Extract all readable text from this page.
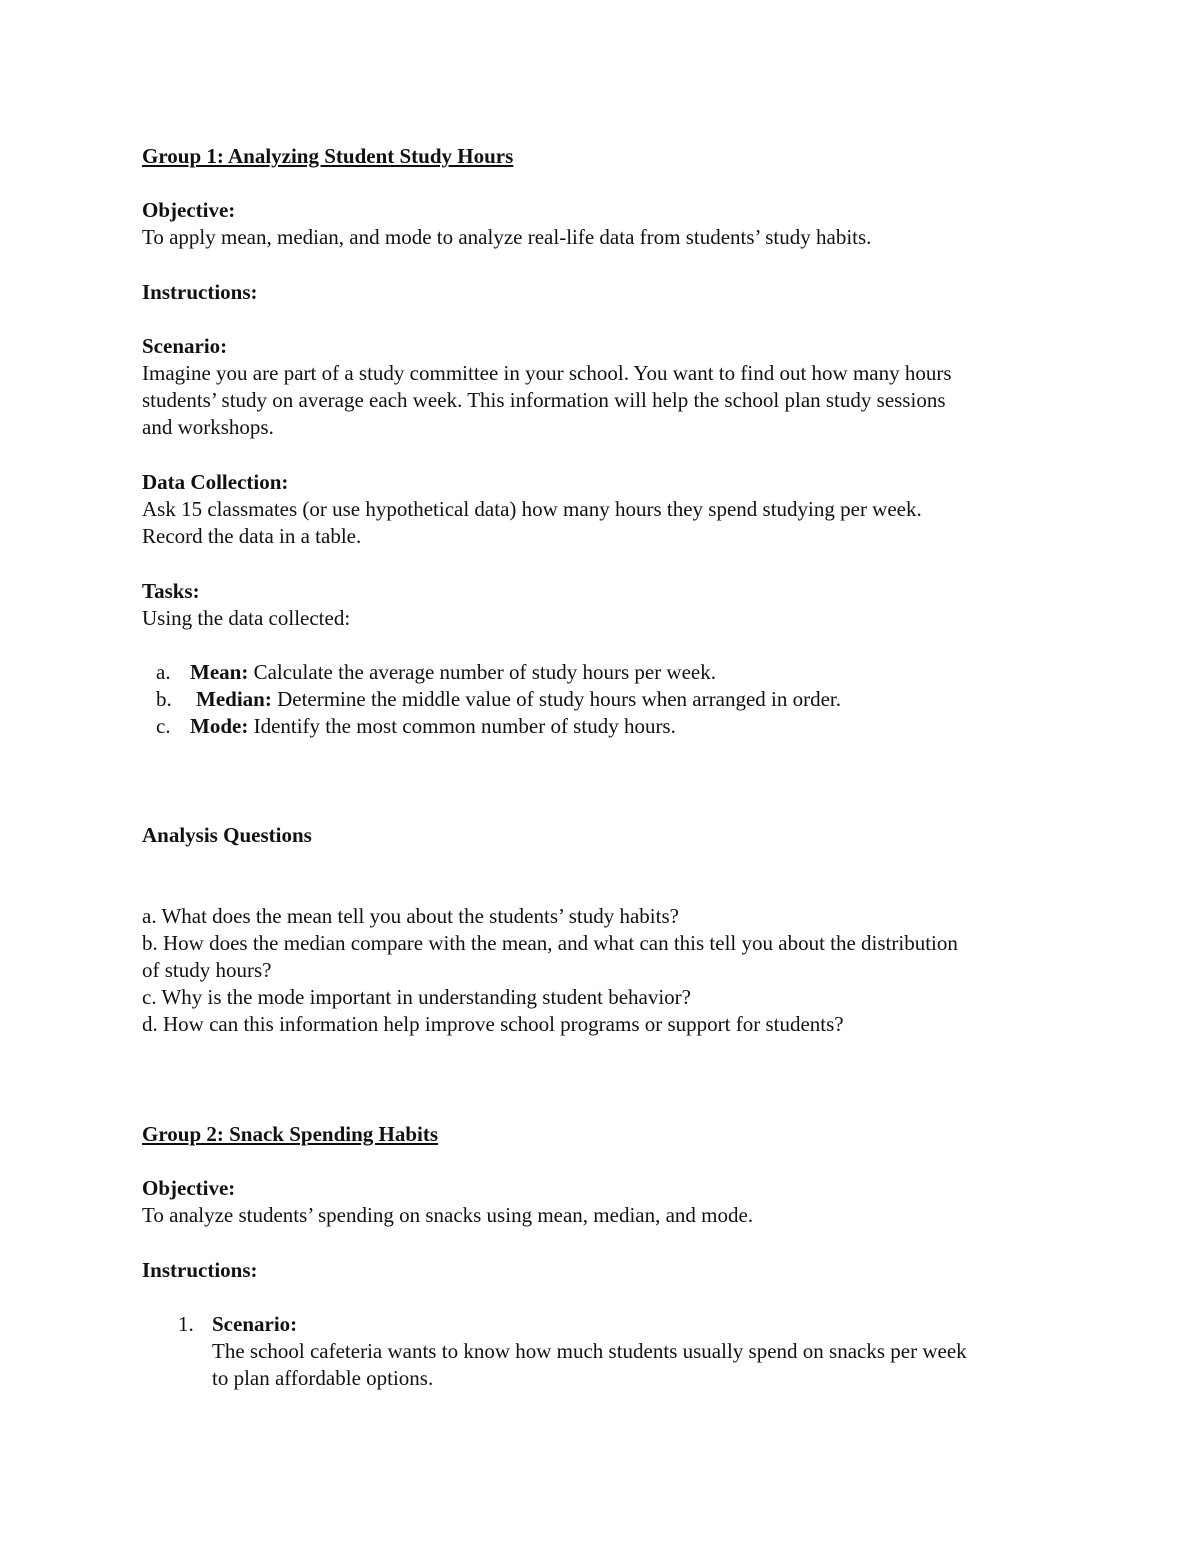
Group 1: Analyzing Student Study Hours
Objective:
To apply mean, median, and mode to analyze real-life data from students’ study habits.
Instructions:
Scenario:
Imagine you are part of a study committee in your school. You want to find out how many hours
students’ study on average each week. This information will help the school plan study sessions
and workshops.
Data Collection:
Ask 15 classmates (or use hypothetical data) how many hours they spend studying per week.
Record the data in a table.
Tasks:
Using the data collected:
a. Mean: Calculate the average number of study hours per week.
b. Median: Determine the middle value of study hours when arranged in order.
c. Mode: Identify the most common number of study hours.
Analysis Questions
a. What does the mean tell you about the students’ study habits?
b. How does the median compare with the mean, and what can this tell you about the distribution
of study hours?
c. Why is the mode important in understanding student behavior?
d. How can this information help improve school programs or support for students?
Group 2: Snack Spending Habits
Objective:
To analyze students’ spending on snacks using mean, median, and mode.
Instructions:
1. Scenario:
The school cafeteria wants to know how much students usually spend on snacks per week
to plan affordable options.
